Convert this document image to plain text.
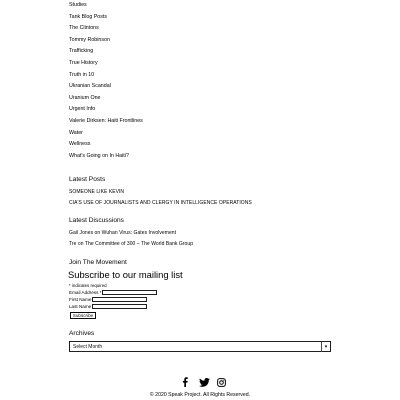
Studies
Tank Blog Posts
The Clintons
Tommy Robinson
Trafficking
True History
Truth in 10
Ukranian Scandal
Uranium One
Urgent Info
Valerie Dirksen: Haiti Frontlines
Water
Wellness
What's Going on In Haiti?
Latest Posts
SOMEONE LIKE KEVIN
CIA'S USE OF JOURNALISTS AND CLERGY IN INTELLIGENCE OPERATIONS
Latest Discussions
Gail Jones on Wuhan Virus: Gates Involvement
Tre on The Committee of 300 – The World Bank Group
Join The Movement
Subscribe to our mailing list
* indicates required
Email Address *
First Name
Last Name
Subscribe
Archives
Select Month	▾
© 2020 Speak Project. All Rights Reserved.
